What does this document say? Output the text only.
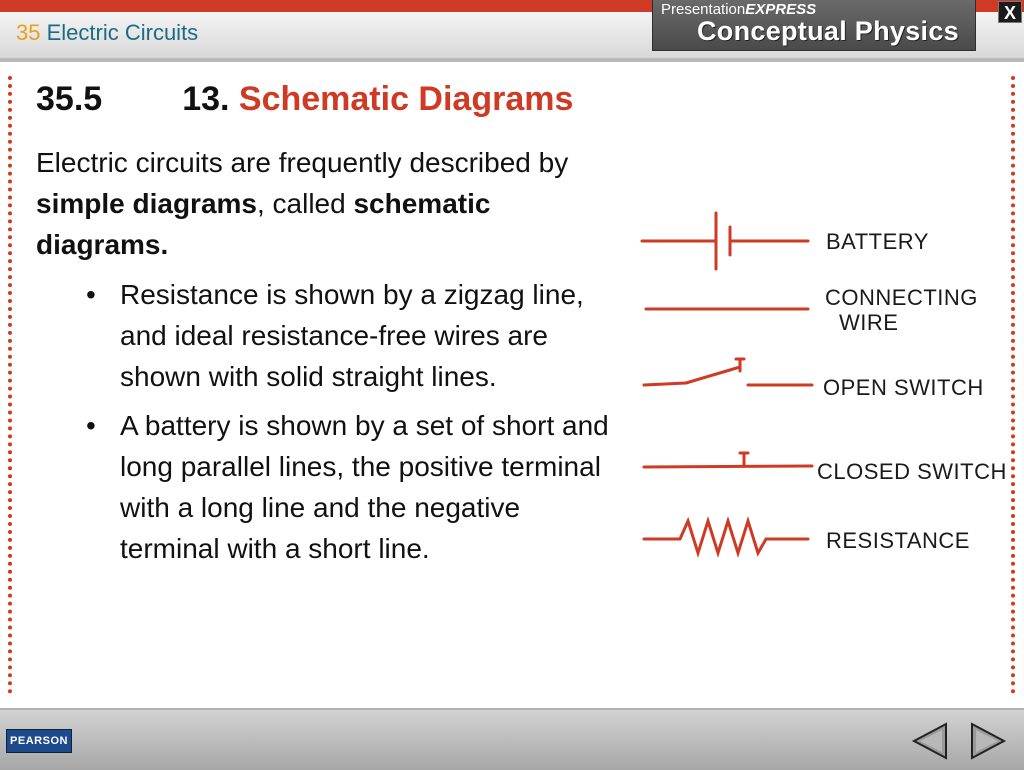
35 Electric Circuits
PresentationEXPRESS
Conceptual Physics
X
35.5 13. Schematic Diagrams
Electric circuits are frequently described by simple diagrams, called schematic diagrams.
• Resistance is shown by a zigzag line, and ideal resistance-free wires are shown with solid straight lines.
• A battery is shown by a set of short and long parallel lines, the positive terminal with a long line and the negative terminal with a short line.
BATTERY
CONNECTING
WIRE
OPEN SWITCH
CLOSED SWITCH
RESISTANCE
PEARSON
